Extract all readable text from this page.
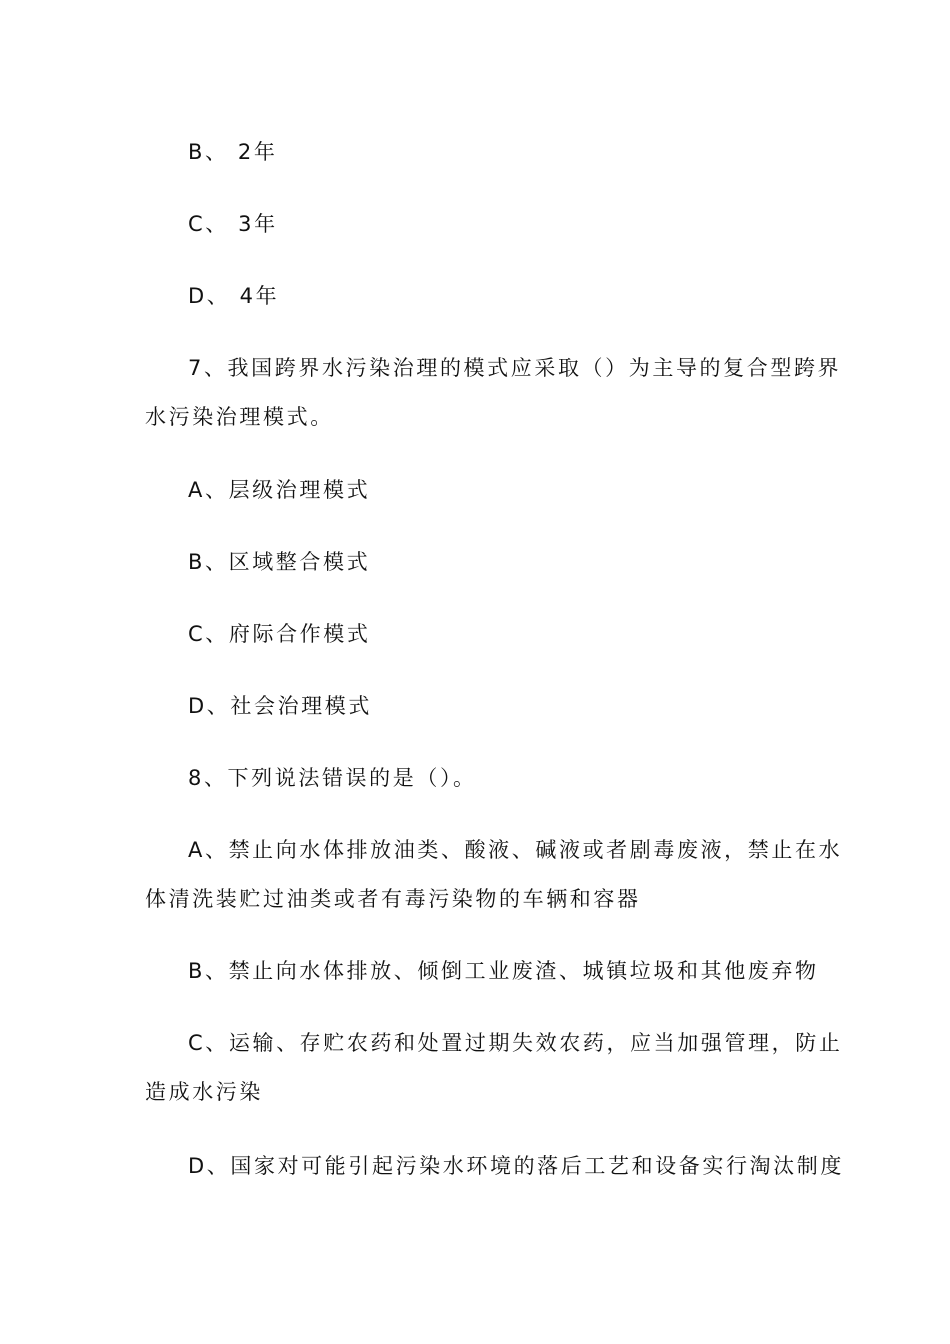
B、 2年
C、 3年
D、 4年
7、我国跨界水污染治理的模式应采取（）为主导的复合型跨界
水污染治理模式。
A、层级治理模式
B、区域整合模式
C、府际合作模式
D、社会治理模式
8、下列说法错误的是（）。
A、禁止向水体排放油类、酸液、碱液或者剧毒废液，禁止在水
体清洗装贮过油类或者有毒污染物的车辆和容器
B、禁止向水体排放、倾倒工业废渣、城镇垃圾和其他废弃物
C、运输、存贮农药和处置过期失效农药，应当加强管理，防止
造成水污染
D、国家对可能引起污染水环境的落后工艺和设备实行淘汰制度
